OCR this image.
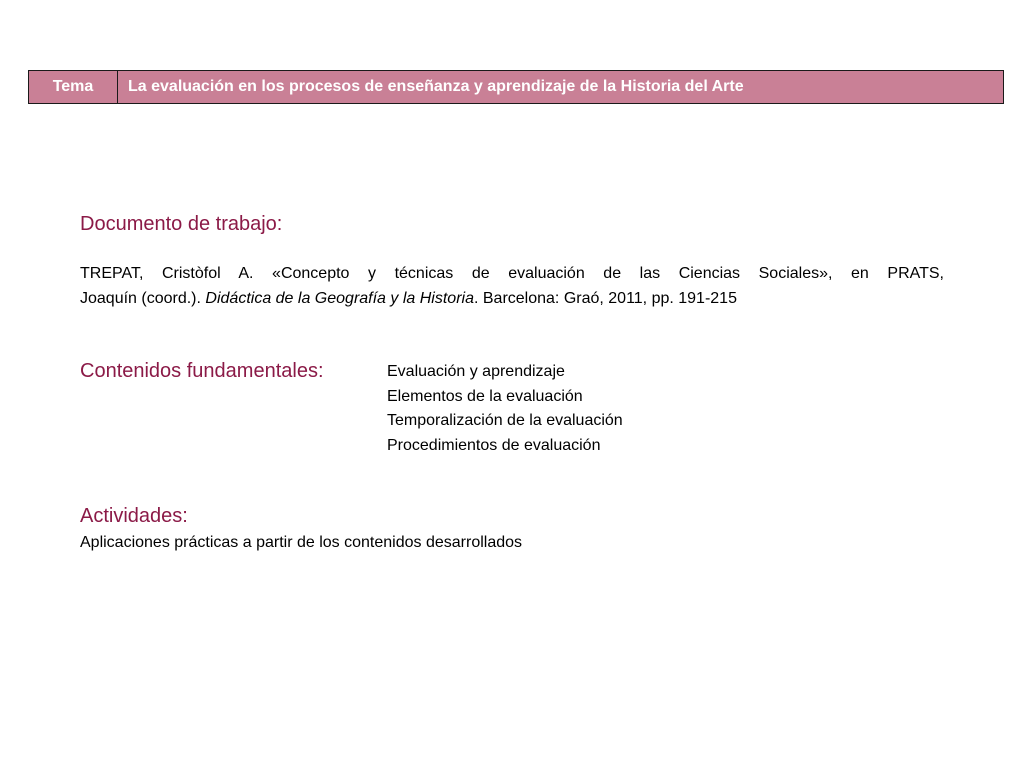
Tema	La evaluación en los procesos de enseñanza y aprendizaje de la Historia del Arte
Documento de trabajo:

TREPAT, Cristòfol A. «Concepto y técnicas de evaluación de las Ciencias Sociales», en PRATS,
Joaquín (coord.). Didáctica de la Geografía y la Historia. Barcelona: Graó, 2011, pp. 191-215

Contenidos fundamentales:	Evaluación y aprendizaje
Elementos de la evaluación
Temporalización de la evaluación
Procedimientos de evaluación
Actividades:

Aplicaciones prácticas a partir de los contenidos desarrollados
